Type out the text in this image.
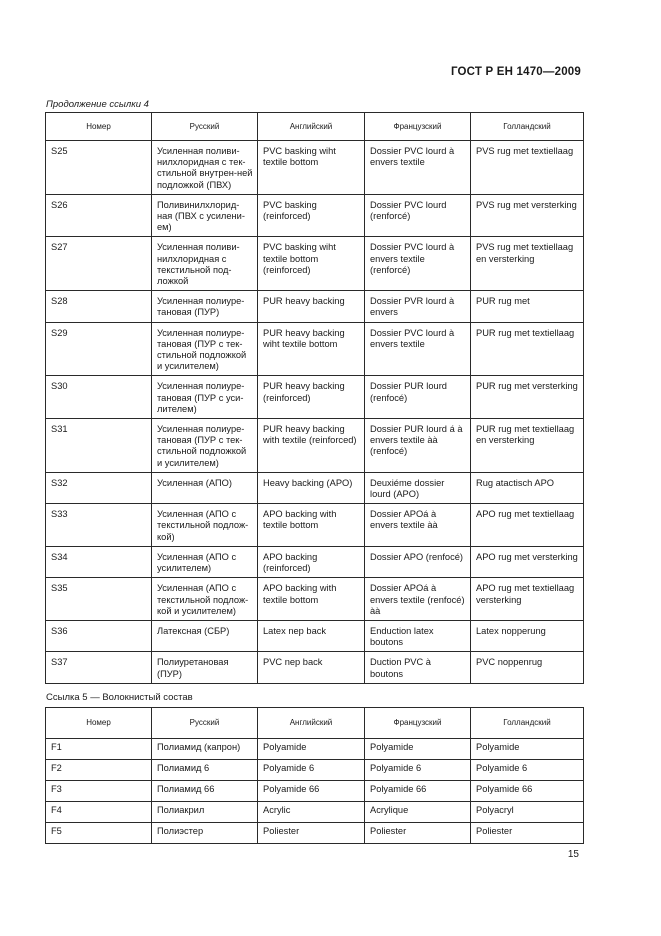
ГОСТ Р ЕН 1470—2009
Продолжение ссылки 4
Номер	Русский	Английский	Французский	Голландский
S25	Усиленная поливи-нилхлоридная с тек-стильной внутрен-ней подложкой (ПВХ)	PVC basking wiht textile bottom	Dossier PVC lourd à envers textile	PVS rug met textiellaag
S26	Поливинилхлорид-ная (ПВХ с усилени-ем)	PVC basking (reinforced)	Dossier PVC lourd (renforcé)	PVS rug met versterking
S27	Усиленная поливи-нилхлоридная с текстильной под-ложкой	PVC basking wiht textile bottom (reinforced)	Dossier PVC lourd à envers textile (renforcé)	PVS rug met textiellaag en versterking
S28	Усиленная полиуре-тановая (ПУР)	PUR heavy backing	Dossier PVR lourd à envers	PUR rug met
S29	Усиленная полиуре-тановая (ПУР с тек-стильной подложкой и усилителем)	PUR heavy backing wiht textile bottom	Dossier PVC lourd à envers textile	PUR rug met textiellaag
S30	Усиленная полиуре-тановая (ПУР с уси-лителем)	PUR heavy backing (reinforced)	Dossier PUR lourd (renfocé)	PUR rug met versterking
S31	Усиленная полиуре-тановая (ПУР с тек-стильной подложкой и усилителем)	PUR heavy backing with textile (reinforced)	Dossier PUR lourd á à envers textile àà (renfocé)	PUR rug met textiellaag en versterking
S32	Усиленная (АПО)	Heavy backing (APO)	Deuxiéme dossier lourd (APO)	Rug atactisch APO
S33	Усиленная (АПО с текстильной подлож-кой)	APO backing with textile bottom	Dossier APOá à envers textile àà	APO rug met textiellaag
S34	Усиленная (АПО с усилителем)	APO backing (reinforced)	Dossier APO (renfocé)	APO rug met versterking
S35	Усиленная (АПО с текстильной подлож-кой и усилителем)	APO backing with textile bottom	Dossier APOá à envers textile (renfocé) àà	APO rug met textiellaag versterking
S36	Латексная (СБР)	Latex nep back	Enduction latex boutons	Latex nopperung
S37	Полиуретановая (ПУР)	PVC nep back	Duction PVC à boutons	PVC noppenrug
Ссылка 5 — Волокнистый состав
Номер	Русский	Английский	Французский	Голландский
F1	Полиамид (капрон)	Polyamide	Polyamide	Polyamide
F2	Полиамид 6	Polyamide 6	Polyamide 6	Polyamide 6
F3	Полиамид 66	Polyamide 66	Polyamide 66	Polyamide 66
F4	Полиакрил	Acrylic	Acrylique	Polyacryl
F5	Полиэстер	Poliester	Poliester	Poliester
15
